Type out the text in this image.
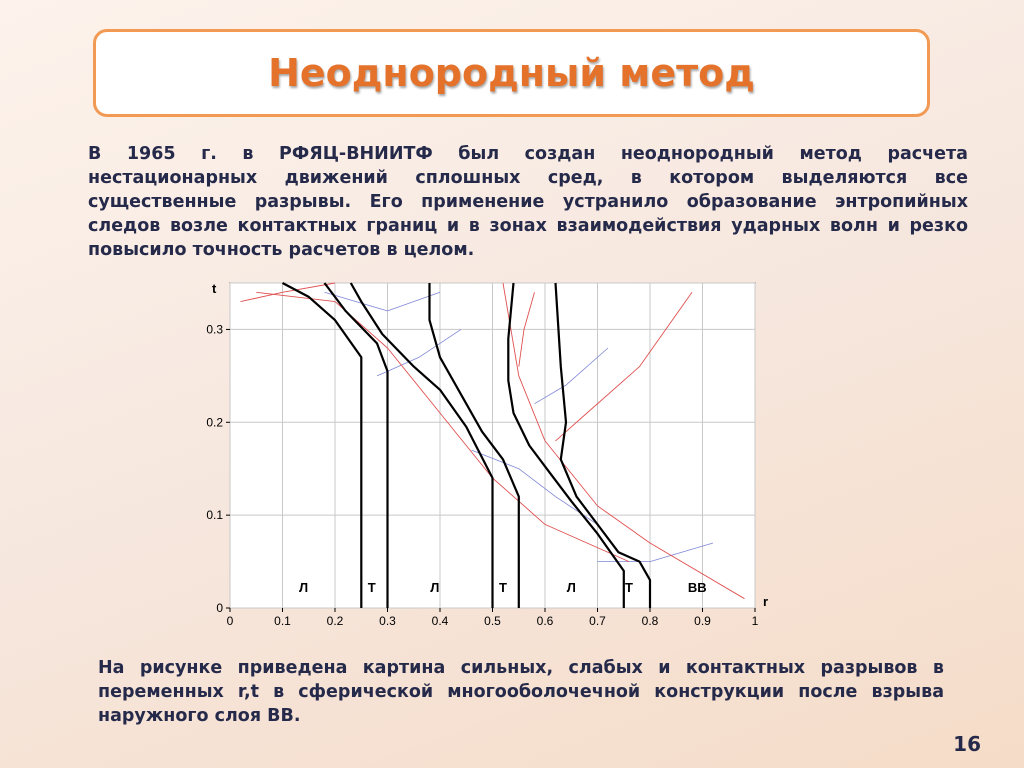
Неоднородный метод

В 1965 г. в РФЯЦ-ВНИИТФ был создан неоднородный метод расчета нестационарных движений сплошных сред, в котором выделяются все существенные разрывы. Его применение устранило образование энтропийных следов возле контактных границ и в зонах взаимодействия ударных волн и резко повысило точность расчетов в целом.

0	0.1	0.2	0.3	0.4	0.5	0.6	0.7	0.8	0.9	1
0
0.1
0.2
0.3
r
t
Л	Т	Л	Т	Л	Т	ВВ

На рисунке приведена картина сильных, слабых и контактных разрывов в переменных r,t в сферической многооболочечной конструкции после взрыва наружного слоя ВВ.

16
